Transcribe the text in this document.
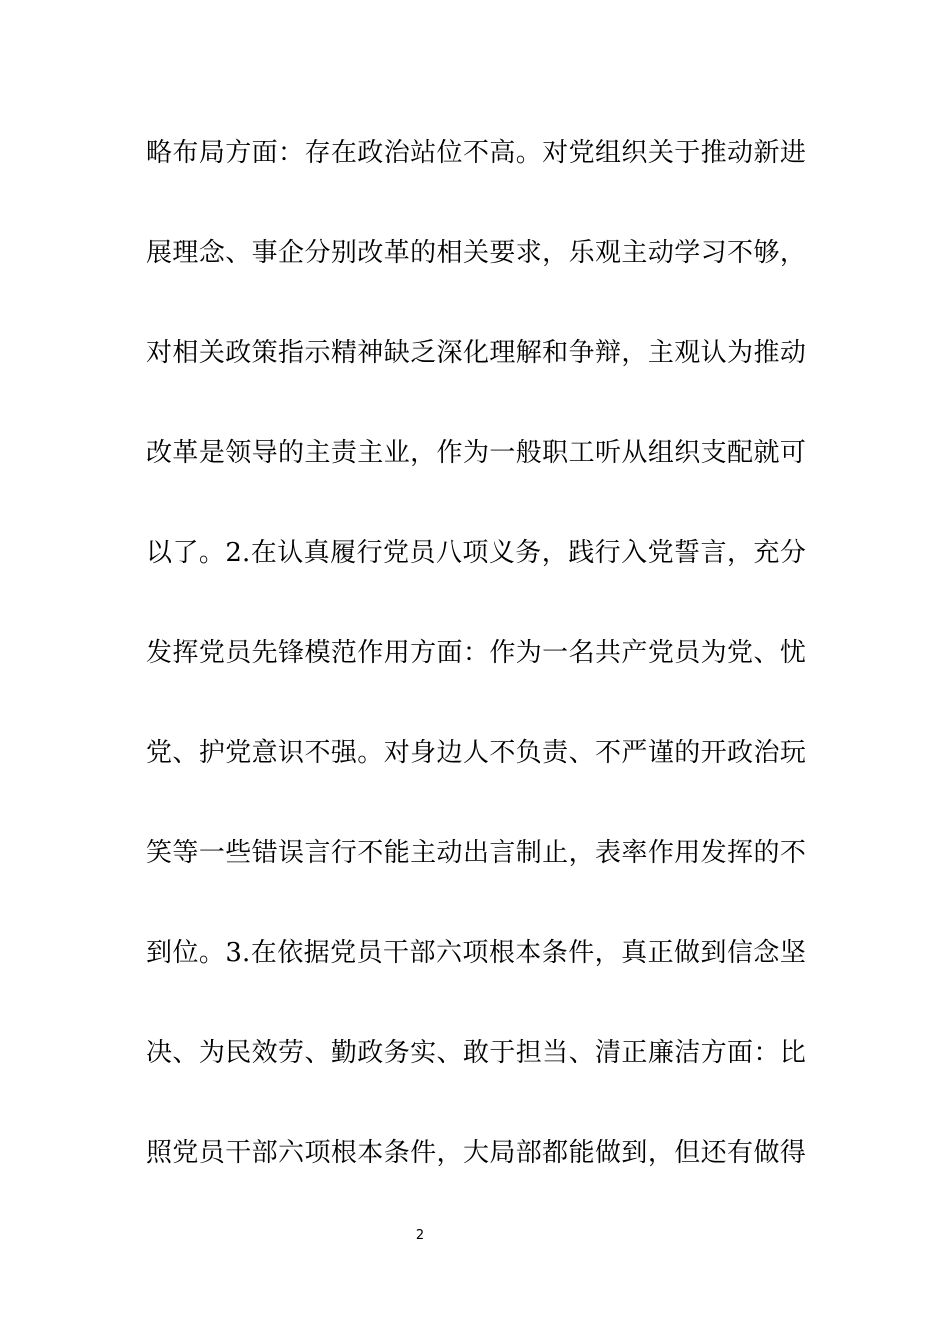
略布局方面：存在政治站位不高。对党组织关于推动新进
展理念、事企分别改革的相关要求，乐观主动学习不够，
对相关政策指示精神缺乏深化理解和争辩，主观认为推动
改革是领导的主责主业，作为一般职工听从组织支配就可
以了。2.在认真履行党员八项义务，践行入党誓言，充分
发挥党员先锋模范作用方面：作为一名共产党员为党、忧
党、护党意识不强。对身边人不负责、不严谨的开政治玩
笑等一些错误言行不能主动出言制止，表率作用发挥的不
到位。3.在依据党员干部六项根本条件，真正做到信念坚
决、为民效劳、勤政务实、敢于担当、清正廉洁方面：比
照党员干部六项根本条件，大局部都能做到，但还有做得
2
